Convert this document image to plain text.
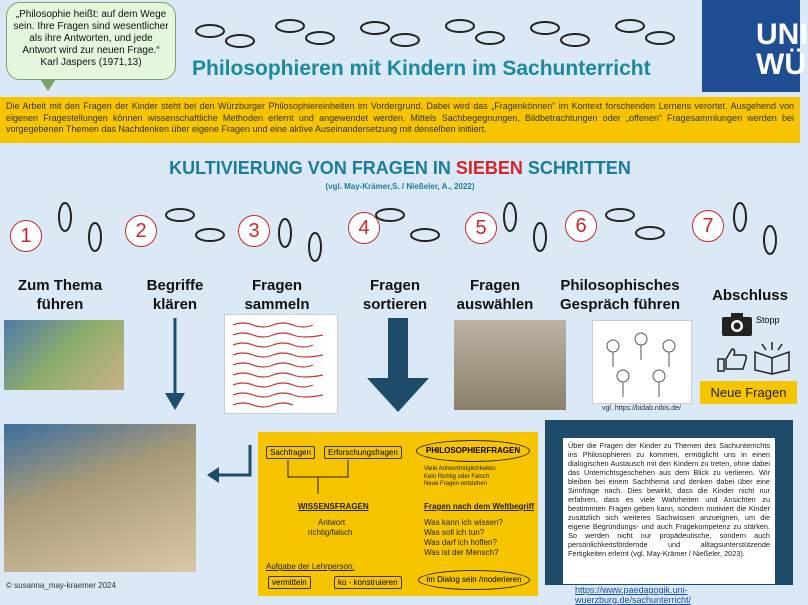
„Philosophie heißt: auf dem Wege sein. Ihre Fragen sind wesentlicher als ihre Antworten, und jede Antwort wird zur neuen Frage.“
Karl Jaspers (1971,13)	Philosophieren mit Kindern im Sachunterricht
UNI
WÜ
Die Arbeit mit den Fragen der Kinder steht bei den Würzburger Philosophiereinheiten im Vordergrund. Dabei wird das „Fragenkönnen“ im Kontext forschenden Lernens verortet. Ausgehend von eigenen Fragestellungen können wissenschaftliche Methoden erlernt und angewendet werden. Mittels Sachbegegnungen, Bildbetrachtungen oder „offenen“ Fragesammlungen werden bei vorgegebenen Themen das Nachdenken über eigene Fragen und eine aktive Auseinandersetzung mit denselben initiiert.
KULTIVIERUNG VON FRAGEN IN SIEBEN SCHRITTEN
(vgl. May-Krämer,S. / Nießeler, A., 2022)
1	2	3	4	5	6	7
Zum Thema
führen
Begriffe
klären
Fragen
sammeln
Fragen
sortieren
Fragen
auswählen
Philosophisches
Gespräch führen
Abschluss
vgl. https://bidab.nibis.de/
Stopp
Neue Fragen
Sachfragen	Erforschungsfragen	PHILOSOPHIERFRAGEN
Viele Antwortmöglichkeiten
Kein Richtig oder Falsch
Neue Fragen entstehen
WISSENSFRAGEN
Antwort
richtig/falsch
Fragen nach dem Weltbegriff
Was kann ich wissen?
Was soll ich tun?
Was darf ich hoffen?
Was ist der Mensch?
Aufgabe der Lehrperson:
vermitteln	ko - konstruieren	im Dialog sein /moderieren
Über die Fragen der Kinder zu Themen des Sachunterrichts ins Philosophieren zu kommen, ermöglicht uns in einen dialogischen Austausch mit den Kindern zu treten, ohne dabei das Unterrichtsgeschehen aus dem Blick zu verlieren. Wir bleiben bei einem Sachthema und denken dabei über eine Sinnfrage nach. Dies bewirkt, dass die Kinder nicht nur erfahren, dass es viele Wahrheiten und Ansichten zu bestimmten Fragen geben kann, sondern motiviert die Kinder zusätzlich sich weiteres Sachwissen anzueignen, um die eigene Begründungs- und auch Fragekompetenz zu stärken. So werden nicht nur propädeutische, sondern auch persönlichkeitsfördernde und alltagsunterstützende Fertigkeiten erlernt (vgl. May-Krämer / Nießeler, 2023).
https://www.paedagogik.uni-wuerzburg.de/sachunterricht/
© susanna_may-kraemer 2024
